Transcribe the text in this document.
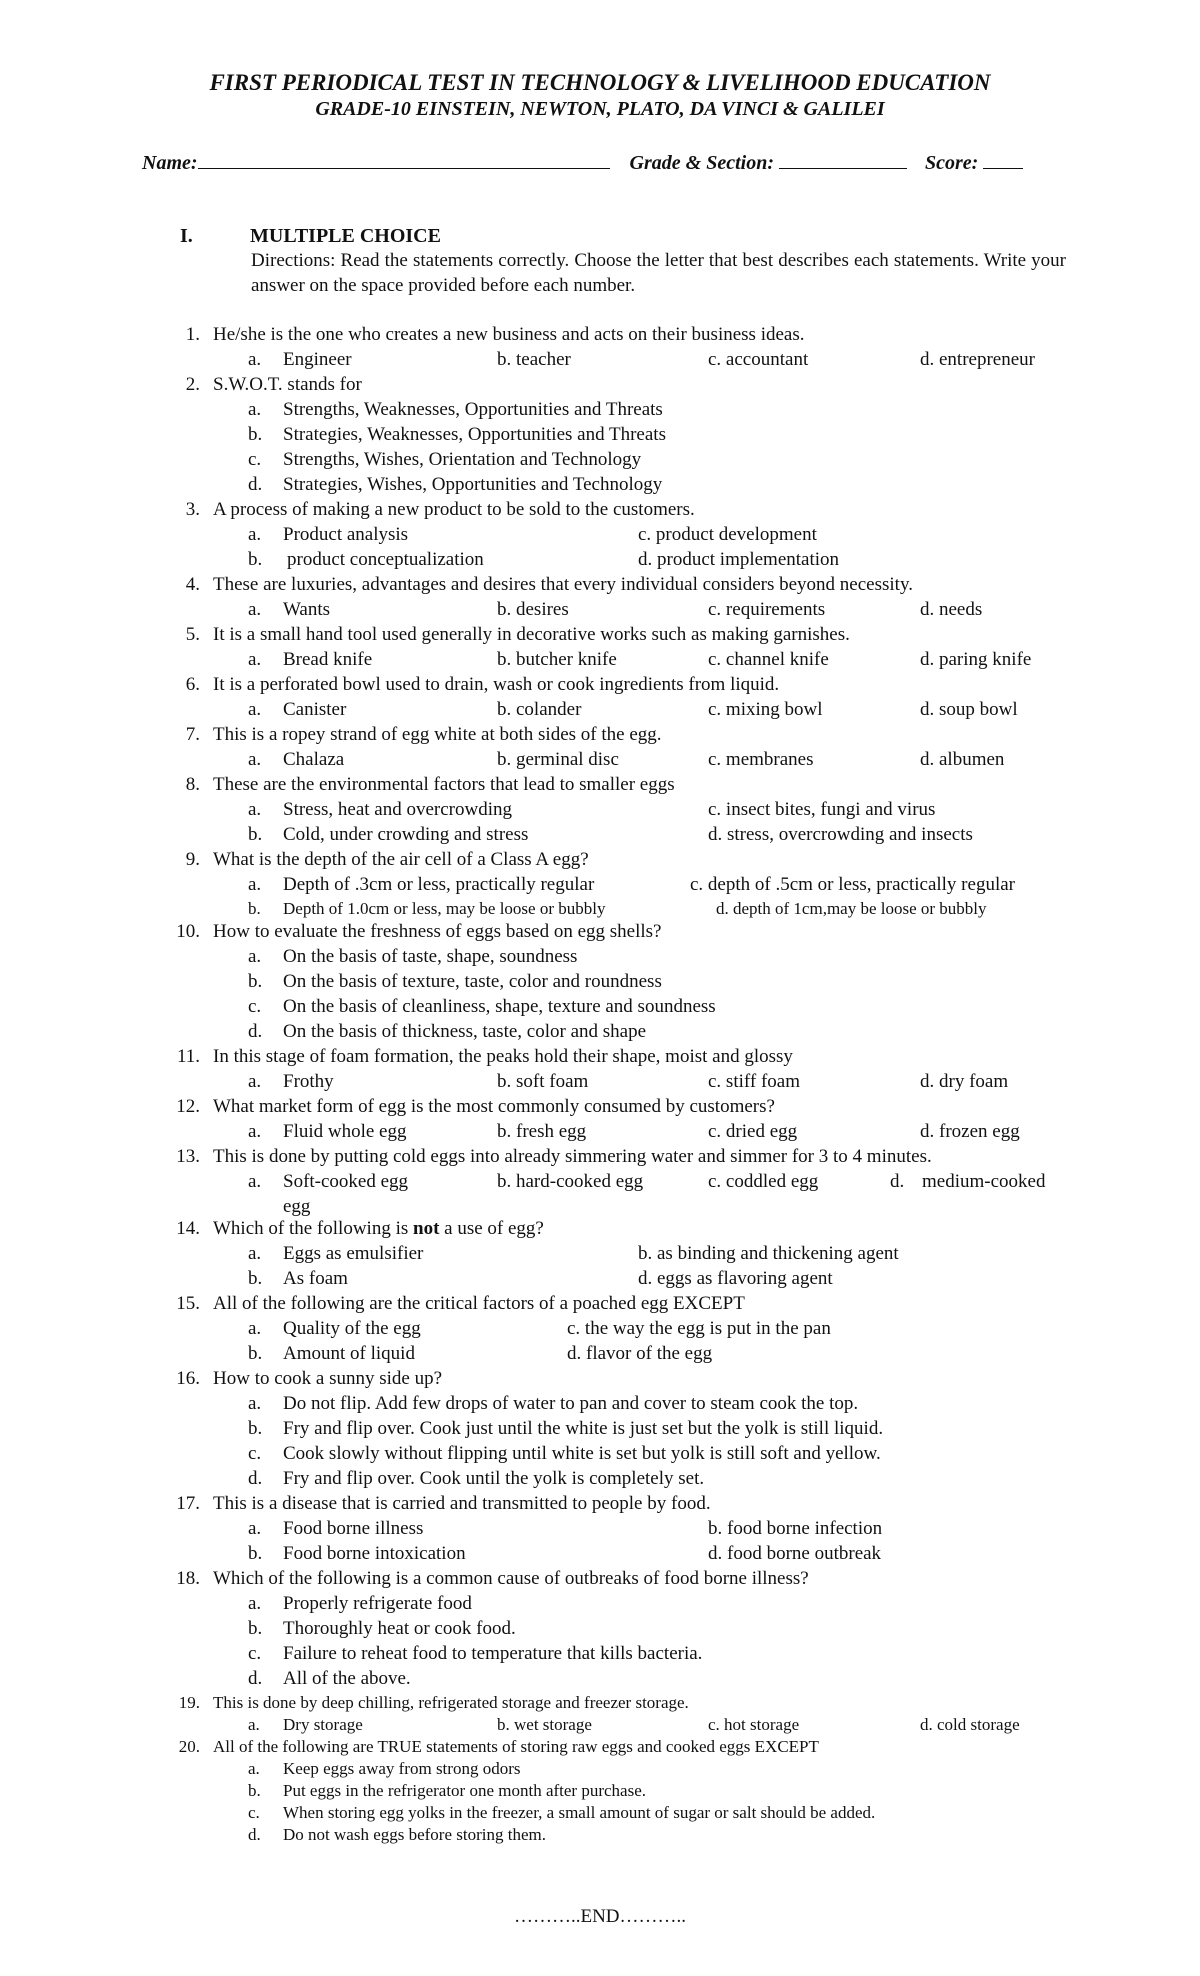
FIRST PERIODICAL TEST IN TECHNOLOGY & LIVELIHOOD EDUCATION
GRADE-10 EINSTEIN, NEWTON, PLATO, DA VINCI & GALILEI
Name:	Grade & Section:	Score:
I.	MULTIPLE CHOICE
Directions: Read the statements correctly. Choose the letter that best describes each statements. Write your answer on the space provided before each number.
1. He/she is the one who creates a new business and acts on their business ideas.
a. Engineer	b. teacher	c. accountant	d. entrepreneur
2. S.W.O.T. stands for
a. Strengths, Weaknesses, Opportunities and Threats
b. Strategies, Weaknesses, Opportunities and Threats
c. Strengths, Wishes, Orientation and Technology
d. Strategies, Wishes, Opportunities and Technology
3. A process of making a new product to be sold to the customers.
a. Product analysis	c. product development
b. product conceptualization	d. product implementation
4. These are luxuries, advantages and desires that every individual considers beyond necessity.
a. Wants	b. desires	c. requirements	d. needs
5. It is a small hand tool used generally in decorative works such as making garnishes.
a. Bread knife	b. butcher knife	c. channel knife	d. paring knife
6. It is a perforated bowl used to drain, wash or cook ingredients from liquid.
a. Canister	b. colander	c. mixing bowl	d. soup bowl
7. This is a ropey strand of egg white at both sides of the egg.
a. Chalaza	b. germinal disc	c. membranes	d. albumen
8. These are the environmental factors that lead to smaller eggs
a. Stress, heat and overcrowding	c. insect bites, fungi and virus
b. Cold, under crowding and stress	d. stress, overcrowding and insects
9. What is the depth of the air cell of a Class A egg?
a. Depth of .3cm or less, practically regular	c. depth of .5cm or less, practically regular
b. Depth of 1.0cm or less, may be loose or bubbly	d. depth of 1cm,may be loose or bubbly
10. How to evaluate the freshness of eggs based on egg shells?
a. On the basis of taste, shape, soundness
b. On the basis of texture, taste, color and roundness
c. On the basis of cleanliness, shape, texture and soundness
d. On the basis of thickness, taste, color and shape
11. In this stage of foam formation, the peaks hold their shape, moist and glossy
a. Frothy	b. soft foam	c. stiff foam	d. dry foam
12. What market form of egg is the most commonly consumed by customers?
a. Fluid whole egg	b. fresh egg	c. dried egg	d. frozen egg
13. This is done by putting cold eggs into already simmering water and simmer for 3 to 4 minutes.
a. Soft-cooked egg	b. hard-cooked egg	c. coddled egg	d. medium-cooked
egg
14. Which of the following is not a use of egg?
a. Eggs as emulsifier	b. as binding and thickening agent
b. As foam	d. eggs as flavoring agent
15. All of the following are the critical factors of a poached egg EXCEPT
a. Quality of the egg	c. the way the egg is put in the pan
b. Amount of liquid	d. flavor of the egg
16. How to cook a sunny side up?
a. Do not flip. Add few drops of water to pan and cover to steam cook the top.
b. Fry and flip over. Cook just until the white is just set but the yolk is still liquid.
c. Cook slowly without flipping until white is set but yolk is still soft and yellow.
d. Fry and flip over. Cook until the yolk is completely set.
17. This is a disease that is carried and transmitted to people by food.
a. Food borne illness	b. food borne infection
b. Food borne intoxication	d. food borne outbreak
18. Which of the following is a common cause of outbreaks of food borne illness?
a. Properly refrigerate food
b. Thoroughly heat or cook food.
c. Failure to reheat food to temperature that kills bacteria.
d. All of the above.
19. This is done by deep chilling, refrigerated storage and freezer storage.
a. Dry storage	b. wet storage	c. hot storage	d. cold storage
20. All of the following are TRUE statements of storing raw eggs and cooked eggs EXCEPT
a. Keep eggs away from strong odors
b. Put eggs in the refrigerator one month after purchase.
c. When storing egg yolks in the freezer, a small amount of sugar or salt should be added.
d. Do not wash eggs before storing them.
………..END………..
